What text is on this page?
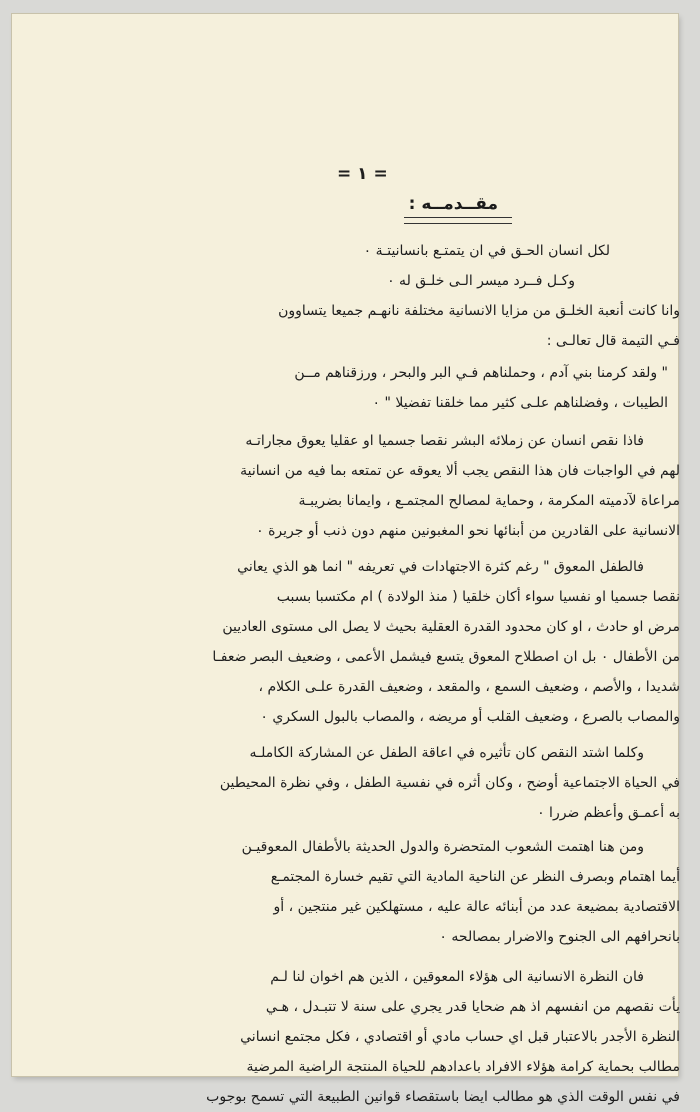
= ١ =
مقــدمــه :
لكل انسان الحـق في ان يتمتـع بانسانيتـة ٠
وكـل فــرد ميسر الـى خلـق له ٠
وانا كانت أنعبة الخلـق من مزايا الانسانية مختلفة نانهـم جميعا يتساوون
فـي التيمة قال تعالـى :
" ولقد كرمنا بني آدم ، وحملناهم فـي البر والبحر ، ورزقناهم مــن
الطيبات ، وفضلناهم علـى كثير مما خلقنا تفضيلا " ٠
فاذا نقص انسان عن زملائه البشر نقصا جسميا او عقليا يعوق مجاراتـه
لهم في الواجبات فان هذا النقص يجب ألا يعوقه عن تمتعه بما فيه من انسانية
مراعاة لآدميته المكرمة ، وحماية لمصالح المجتمـع ، وايمانا بضريبـة
الانسانية على القادرين من أبنائها نحو المغبونين منهم دون ذنب أو جريرة ٠
فالطفل المعوق " رغم كثرة الاجتهادات في تعريفه " انما هو الذي يعاني
نقصا جسميا او نفسيا سواء أكان خلقيا ( منذ الولادة ) ام مكتسبا بسبب
مرض او حادث ، او كان محدود القدرة العقلية بحيث لا يصل الى مستوى العاديين
من الأطفال ٠ بل ان اصطلاح المعوق يتسع فيشمل الأعمى ، وضعيف البصر ضعفـا
شديدا ، والأصم ، وضعيف السمع ، والمقعد ، وضعيف القدرة علـى الكلام ،
والمصاب بالصرع ، وضعيف القلب أو مريضه ، والمصاب بالبول السكري ٠
وكلما اشتد النقص كان تأثيره في اعاقة الطفل عن المشاركة الكاملـه
في الحياة الاجتماعية أوضح ، وكان أثره في نفسية الطفل ، وفي نظرة المحيطين
به أعمـق وأعظم ضررا ٠
ومن هنا اهتمت الشعوب المتحضرة والدول الحديثة بالأطفال المعوقيـن
أيما اهتمام وبصرف النظر عن الناحية المادية التي تقيم خسارة المجتمـع
الاقتصادية بمضيعة عدد من أبنائه عالة عليه ، مستهلكين غير منتجين ، أو
بانحرافهم الى الجنوح والاضرار بمصالحه ٠
فان النظرة الانسانية الى هؤلاء المعوقين ، الذين هم اخوان لنا لـم
يأت نقصهم من انفسهم اذ هم ضحايا قدر يجري على سنة لا تتبـدل ، هـي
النظرة الأجدر بالاعتبار قبل اي حساب مادي أو اقتصادي ، فكل مجتمع انساني
مطالب بحماية كرامة هؤلاء الافراد باعدادهم للحياة المنتجة الراضية المرضية
في نفس الوقت الذي هو مطالب ايضا باستقصاء قوانين الطبيعة التي تسمح بوجوب
